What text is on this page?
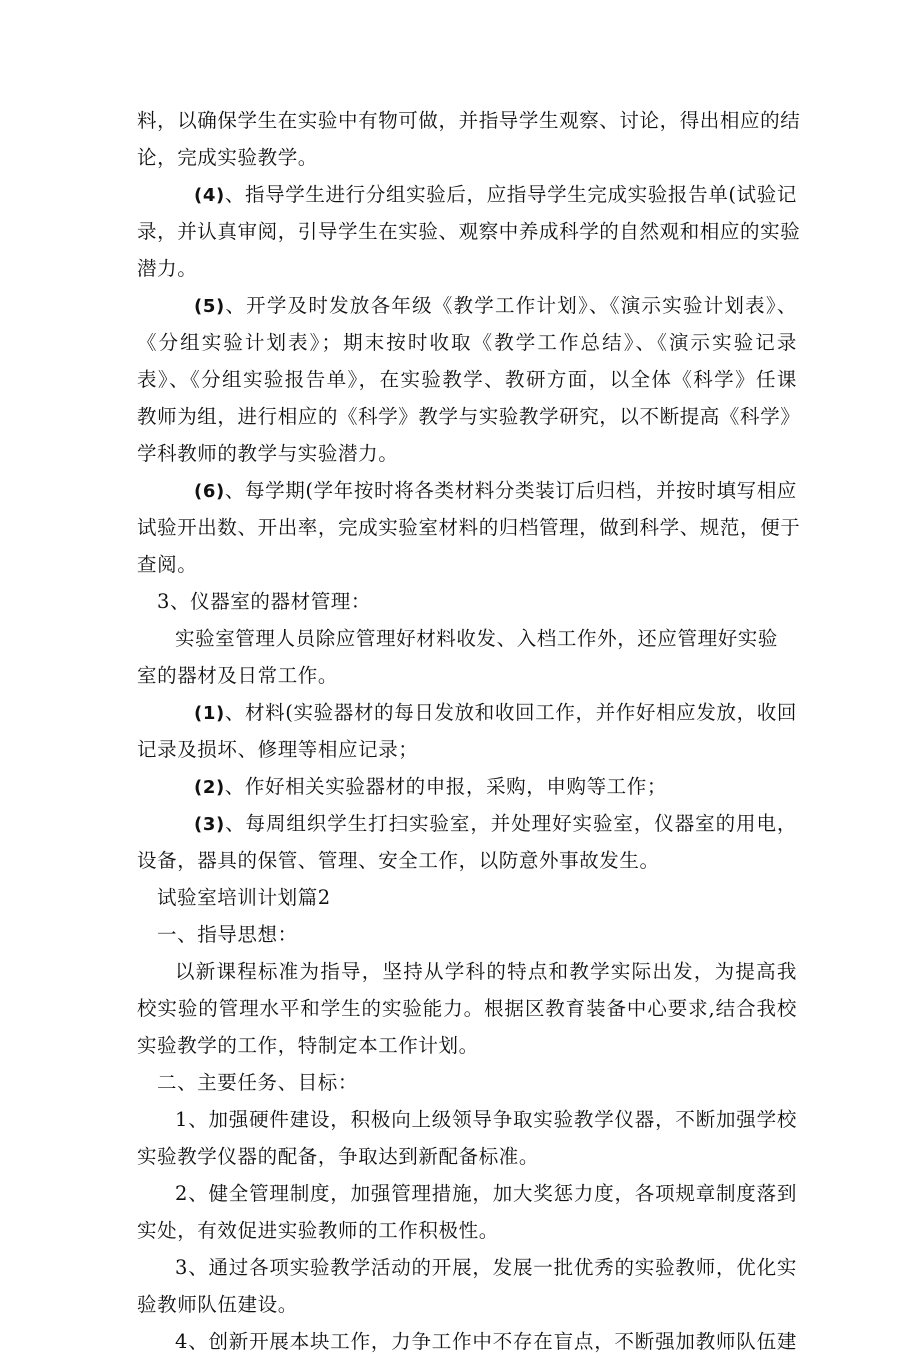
料，以确保学生在实验中有物可做，并指导学生观察、讨论，得出相应的结
论，完成实验教学。
(4)、指导学生进行分组实验后，应指导学生完成实验报告单(试验记
录，并认真审阅，引导学生在实验、观察中养成科学的自然观和相应的实验
潜力。
(5)、开学及时发放各年级《教学工作计划》、《演示实验计划表》、
《分组实验计划表》；期末按时收取《教学工作总结》、《演示实验记录
表》、《分组实验报告单》，在实验教学、教研方面，以全体《科学》任课
教师为组，进行相应的《科学》教学与实验教学研究，以不断提高《科学》
学科教师的教学与实验潜力。
(6)、每学期(学年按时将各类材料分类装订后归档，并按时填写相应
试验开出数、开出率，完成实验室材料的归档管理，做到科学、规范，便于
查阅。
3、仪器室的器材管理：
实验室管理人员除应管理好材料收发、入档工作外，还应管理好实验
室的器材及日常工作。
(1)、材料(实验器材的每日发放和收回工作，并作好相应发放，收回
记录及损坏、修理等相应记录；
(2)、作好相关实验器材的申报，采购，申购等工作；
(3)、每周组织学生打扫实验室，并处理好实验室，仪器室的用电，
设备，器具的保管、管理、安全工作，以防意外事故发生。
试验室培训计划篇2
一、指导思想：
以新课程标准为指导，坚持从学科的特点和教学实际出发，为提高我
校实验的管理水平和学生的实验能力。根据区教育装备中心要求,结合我校
实验教学的工作，特制定本工作计划。
二、主要任务、目标：
1、加强硬件建设，积极向上级领导争取实验教学仪器，不断加强学校
实验教学仪器的配备，争取达到新配备标准。
2、健全管理制度，加强管理措施，加大奖惩力度，各项规章制度落到
实处，有效促进实验教师的工作积极性。
3、通过各项实验教学活动的开展，发展一批优秀的实验教师，优化实
验教师队伍建设。
4、创新开展本块工作，力争工作中不存在盲点，不断强加教师队伍建
